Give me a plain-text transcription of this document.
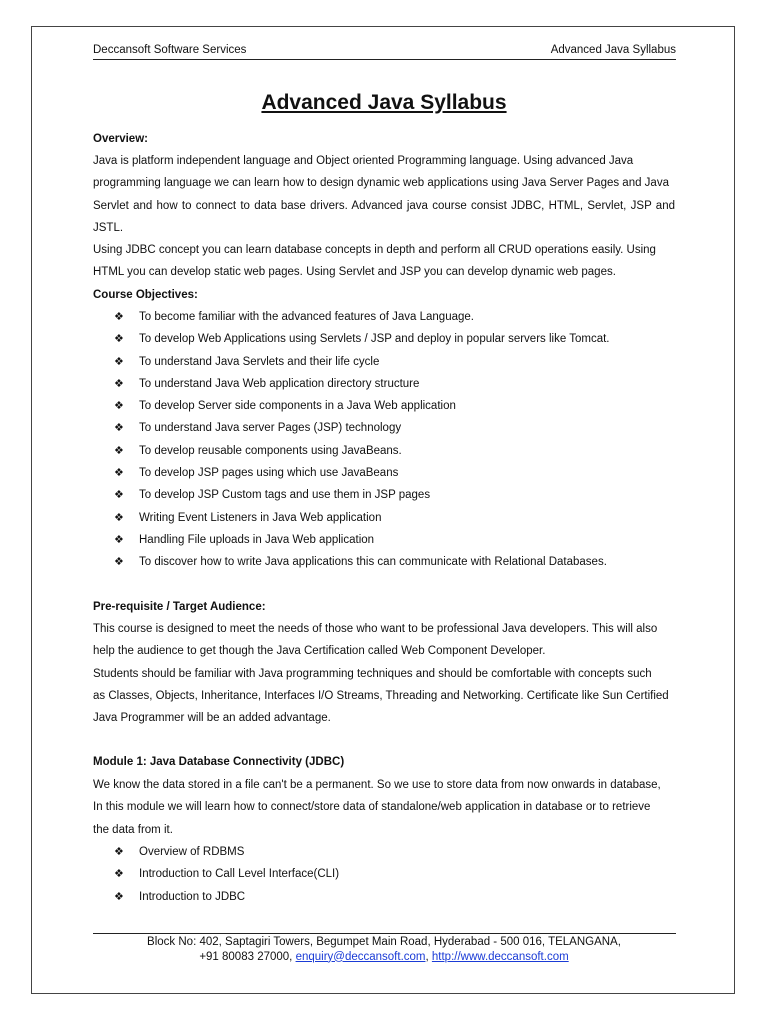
Deccansoft Software Services	Advanced Java Syllabus
Advanced Java Syllabus
Overview:
Java is platform independent language and Object oriented Programming language. Using advanced Java
programming language we can learn how to design dynamic web applications using Java Server Pages and Java
Servlet and how to connect to data base drivers. Advanced java course consist JDBC, HTML, Servlet, JSP and JSTL.
Using JDBC concept you can learn database concepts in depth and perform all CRUD operations easily. Using
HTML you can develop static web pages. Using Servlet and JSP you can develop dynamic web pages.
Course Objectives:
❖ To become familiar with the advanced features of Java Language.
❖ To develop Web Applications using Servlets / JSP and deploy in popular servers like Tomcat.
❖ To understand Java Servlets and their life cycle
❖ To understand Java Web application directory structure
❖ To develop Server side components in a Java Web application
❖ To understand Java server Pages (JSP) technology
❖ To develop reusable components using JavaBeans.
❖ To develop JSP pages using which use JavaBeans
❖ To develop JSP Custom tags and use them in JSP pages
❖ Writing Event Listeners in Java Web application
❖ Handling File uploads in Java Web application
❖ To discover how to write Java applications this can communicate with Relational Databases.
Pre-requisite / Target Audience:
This course is designed to meet the needs of those who want to be professional Java developers. This will also
help the audience to get though the Java Certification called Web Component Developer.
Students should be familiar with Java programming techniques and should be comfortable with concepts such
as Classes, Objects, Inheritance, Interfaces I/O Streams, Threading and Networking. Certificate like Sun Certified
Java Programmer will be an added advantage.
Module 1: Java Database Connectivity (JDBC)
We know the data stored in a file can't be a permanent. So we use to store data from now onwards in database,
In this module we will learn how to connect/store data of standalone/web application in database or to retrieve
the data from it.
❖ Overview of RDBMS
❖ Introduction to Call Level Interface(CLI)
❖ Introduction to JDBC
Block No: 402, Saptagiri Towers, Begumpet Main Road, Hyderabad - 500 016, TELANGANA,
+91 80083 27000, enquiry@deccansoft.com, http://www.deccansoft.com
